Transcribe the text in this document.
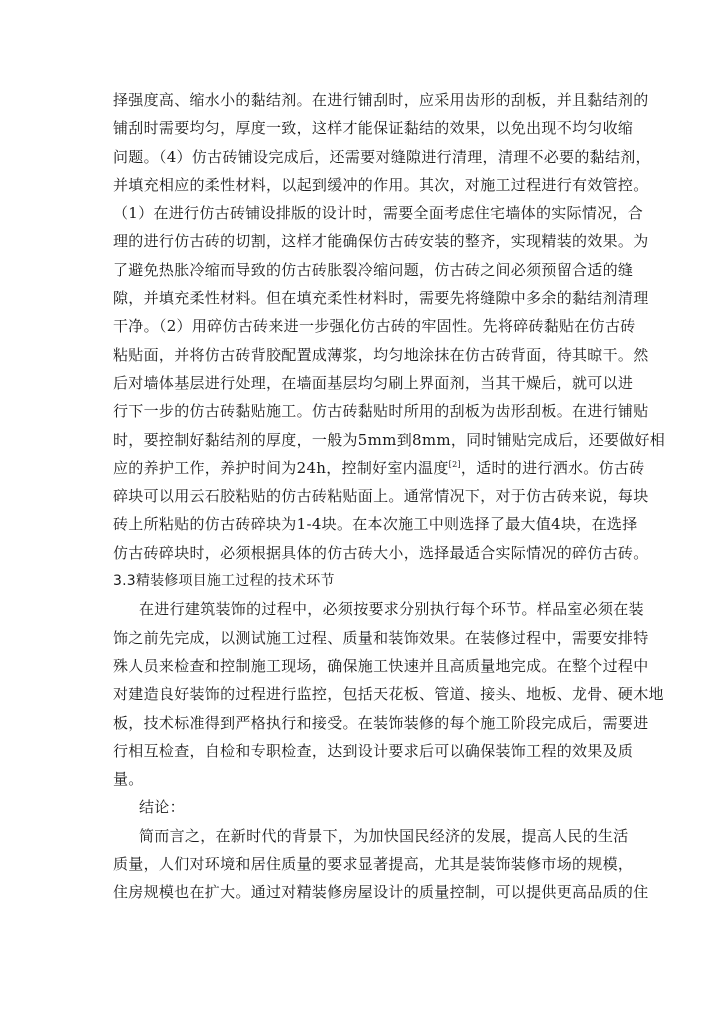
择强度高、缩水小的黏结剂。在进行铺刮时，应采用齿形的刮板，并且黏结剂的
铺刮时需要均匀，厚度一致，这样才能保证黏结的效果，以免出现不均匀收缩
问题。（4）仿古砖铺设完成后，还需要对缝隙进行清理，清理不必要的黏结剂，
并填充相应的柔性材料，以起到缓冲的作用。其次，对施工过程进行有效管控。
（1）在进行仿古砖铺设排版的设计时，需要全面考虑住宅墙体的实际情况，合
理的进行仿古砖的切割，这样才能确保仿古砖安装的整齐，实现精装的效果。为
了避免热胀冷缩而导致的仿古砖胀裂冷缩问题，仿古砖之间必须预留合适的缝
隙，并填充柔性材料。但在填充柔性材料时，需要先将缝隙中多余的黏结剂清理
干净。（2）用碎仿古砖来进一步强化仿古砖的牢固性。先将碎砖黏贴在仿古砖
粘贴面，并将仿古砖背胶配置成薄浆，均匀地涂抹在仿古砖背面，待其晾干。然
后对墙体基层进行处理，在墙面基层均匀刷上界面剂，当其干燥后，就可以进
行下一步的仿古砖黏贴施工。仿古砖黏贴时所用的刮板为齿形刮板。在进行铺贴
时，要控制好黏结剂的厚度，一般为5mm到8mm，同时铺贴完成后，还要做好相
应的养护工作，养护时间为24h，控制好室内温度[2]，适时的进行洒水。仿古砖
碎块可以用云石胶粘贴的仿古砖粘贴面上。通常情况下，对于仿古砖来说，每块
砖上所粘贴的仿古砖碎块为1-4块。在本次施工中则选择了最大值4块，在选择
仿古砖碎块时，必须根据具体的仿古砖大小，选择最适合实际情况的碎仿古砖。
3.3精装修项目施工过程的技术环节
在进行建筑装饰的过程中，必须按要求分别执行每个环节。样品室必须在装
饰之前先完成，以测试施工过程、质量和装饰效果。在装修过程中，需要安排特
殊人员来检查和控制施工现场，确保施工快速并且高质量地完成。在整个过程中
对建造良好装饰的过程进行监控，包括天花板、管道、接头、地板、龙骨、硬木地
板，技术标准得到严格执行和接受。在装饰装修的每个施工阶段完成后，需要进
行相互检查，自检和专职检查，达到设计要求后可以确保装饰工程的效果及质
量。
结论：
简而言之，在新时代的背景下，为加快国民经济的发展，提高人民的生活
质量，人们对环境和居住质量的要求显著提高，尤其是装饰装修市场的规模，
住房规模也在扩大。通过对精装修房屋设计的质量控制，可以提供更高品质的住
